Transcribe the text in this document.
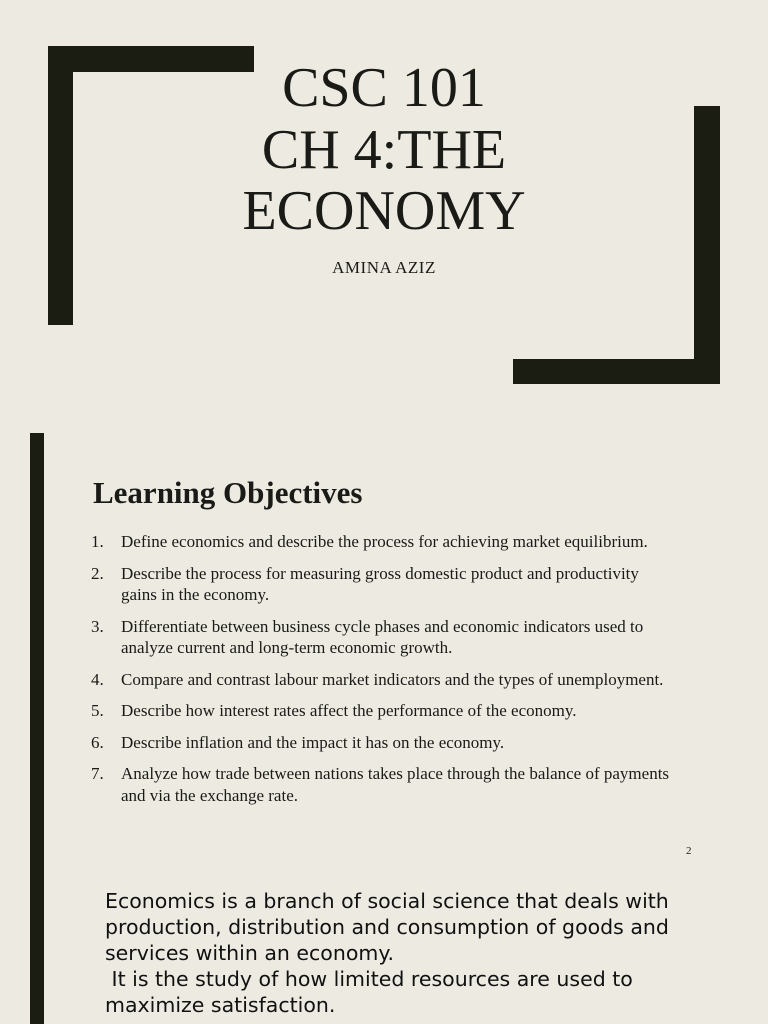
CSC 101
CH 4:THE
ECONOMY
AMINA AZIZ
Learning Objectives
1.	Define economics and describe the process for achieving market equilibrium.
2.	Describe the process for measuring gross domestic product and productivity gains in the economy.
3.	Differentiate between business cycle phases and economic indicators used to analyze current and long-term economic growth.
4.	Compare and contrast labour market indicators and the types of unemployment.
5.	Describe how interest rates affect the performance of the economy.
6.	Describe inflation and the impact it has on the economy.
7.	Analyze how trade between nations takes place through the balance of payments and via the exchange rate.
2

Economics is a branch of social science that deals with production, distribution and consumption of goods and services within an economy.

It is the study of how limited resources are used to maximize satisfaction.
